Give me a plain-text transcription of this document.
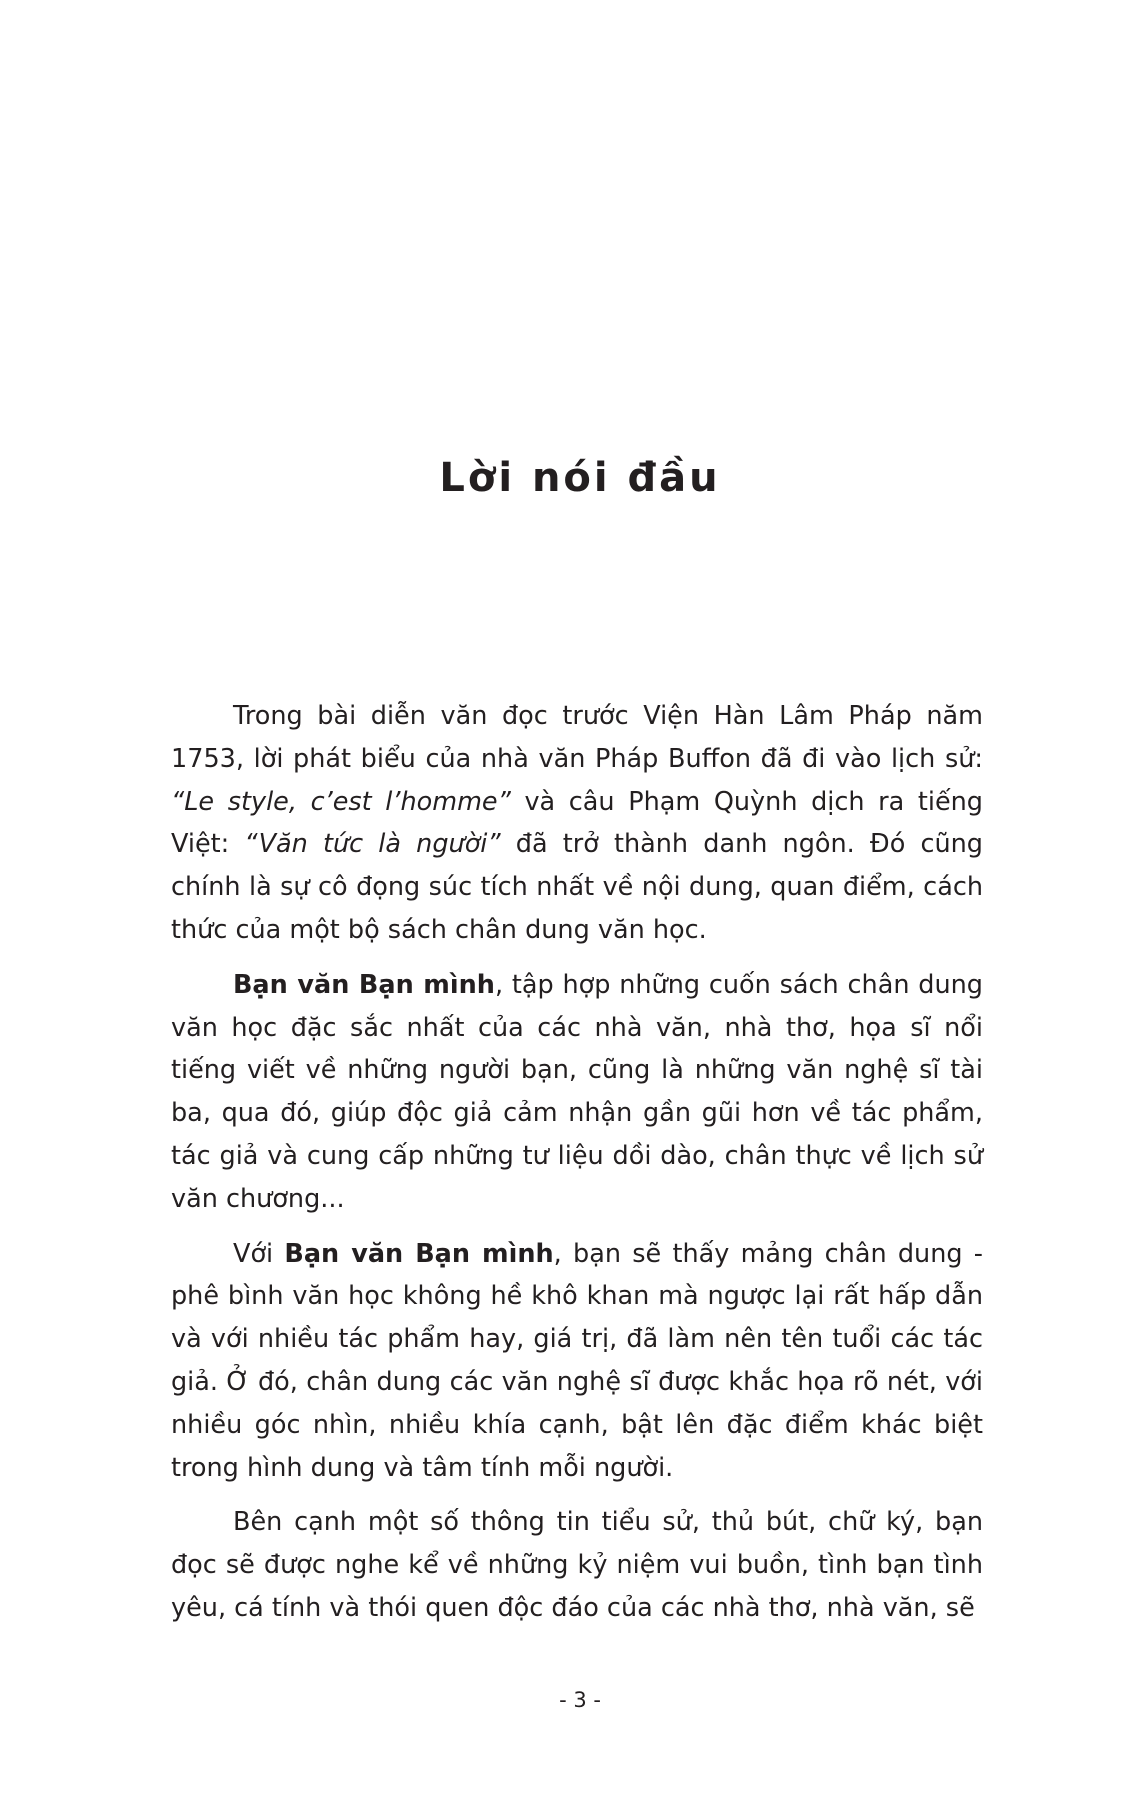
Lời nói đầu

Trong bài diễn văn đọc trước Viện Hàn Lâm Pháp năm 1753, lời phát biểu của nhà văn Pháp Buffon đã đi vào lịch sử: “Le style, c’est l’homme” và câu Phạm Quỳnh dịch ra tiếng Việt: “Văn tức là người” đã trở thành danh ngôn. Đó cũng chính là sự cô đọng súc tích nhất về nội dung, quan điểm, cách thức của một bộ sách chân dung văn học.

Bạn văn Bạn mình, tập hợp những cuốn sách chân dung văn học đặc sắc nhất của các nhà văn, nhà thơ, họa sĩ nổi tiếng viết về những người bạn, cũng là những văn nghệ sĩ tài ba, qua đó, giúp độc giả cảm nhận gần gũi hơn về tác phẩm, tác giả và cung cấp những tư liệu dồi dào, chân thực về lịch sử văn chương...

Với Bạn văn Bạn mình, bạn sẽ thấy mảng chân dung - phê bình văn học không hề khô khan mà ngược lại rất hấp dẫn và với nhiều tác phẩm hay, giá trị, đã làm nên tên tuổi các tác giả. Ở đó, chân dung các văn nghệ sĩ được khắc họa rõ nét, với nhiều góc nhìn, nhiều khía cạnh, bật lên đặc điểm khác biệt trong hình dung và tâm tính mỗi người.

Bên cạnh một số thông tin tiểu sử, thủ bút, chữ ký, bạn đọc sẽ được nghe kể về những kỷ niệm vui buồn, tình bạn tình yêu, cá tính và thói quen độc đáo của các nhà thơ, nhà văn, sẽ

- 3 -
